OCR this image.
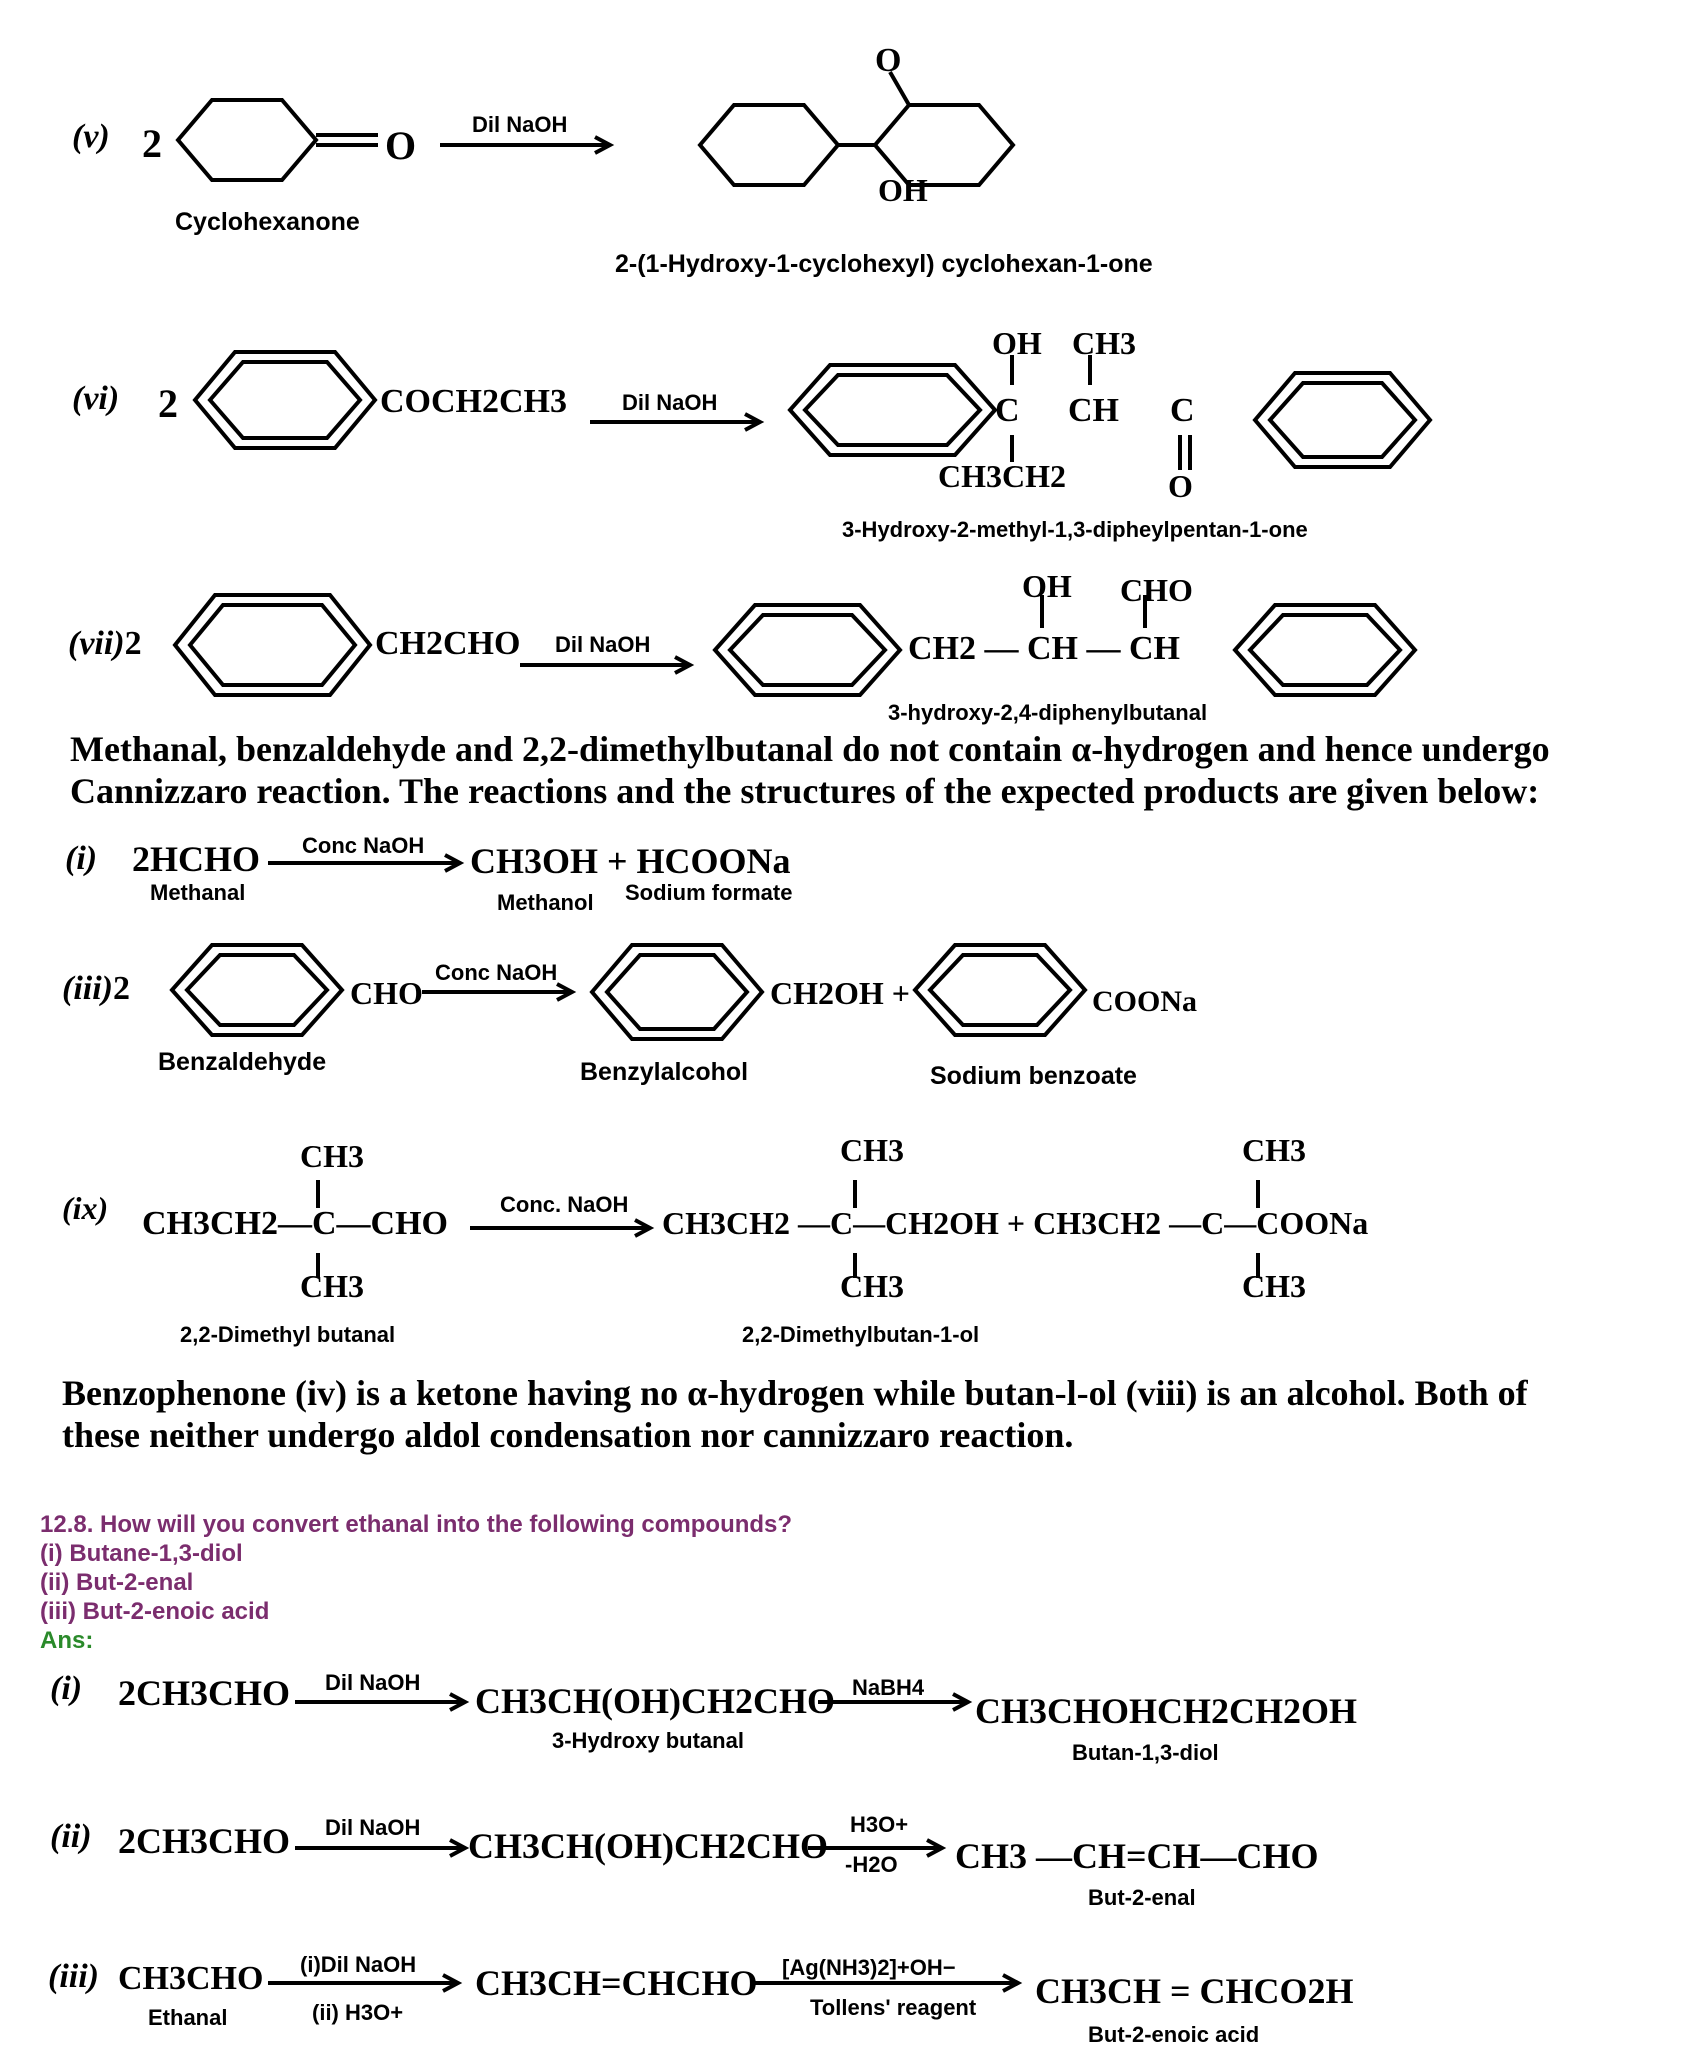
(v) 2	O	Dil NaOH
Cyclohexanone
O
OH
2-(1-Hydroxy-1-cyclohexyl) cyclohexan-1-one
(vi) 2	COCH2CH3	Dil NaOH
OH CH3
C CH C
CH3CH2	O
3-Hydroxy-2-methyl-1,3-dipheylpentan-1-one
(vii)2	CH2CHO Dil NaOH
OH CHO
CH2 — CH — CH
3-hydroxy-2,4-diphenylbutanal
Methanal, benzaldehyde and 2,2-dimethylbutanal do not contain α-hydrogen and hence undergo Cannizzaro reaction. The reactions and the structures of the expected products are given below:
(i) 2HCHO
Methanal
Conc NaOH CH3OH + HCOONa
Methanol Sodium formate
(iii)2	CHO
Conc NaOH
Benzaldehyde
CH2OH +
Benzylalcohol
COONa
Sodium benzoate
(ix)
CH3
CH3CH2—C—CHO
CH3
Conc. NaOH
2,2-Dimethyl butanal
CH3	CH3
CH3CH2 —C—CH2OH + CH3CH2 —C—COONa
CH3	CH3
2,2-Dimethylbutan-1-ol
Benzophenone (iv) is a ketone having no α-hydrogen while butan-l-ol (viii) is an alcohol. Both of these neither undergo aldol condensation nor cannizzaro reaction.
12.8. How will you convert ethanal into the following compounds?
(i) Butane-1,3-diol
(ii) But-2-enal
(iii) But-2-enoic acid
Ans:
(i) 2CH3CHO Dil NaOH CH3CH(OH)CH2CHO
3-Hydroxy butanal
NaBH4
CH3CHOHCH2CH2OH
Butan-1,3-diol
(ii) 2CH3CHO Dil NaOH CH3CH(OH)CH2CHO
H3O+
-H2O CH3 —CH=CH—CHO
But-2-enal
(iii) CH3CHO
Ethanal
(i)Dil NaOH
(ii) H3O+
CH3CH=CHCHO [Ag(NH3)2]+OH−
Tollens' reagent CH3CH = CHCO2H
But-2-enoic acid
